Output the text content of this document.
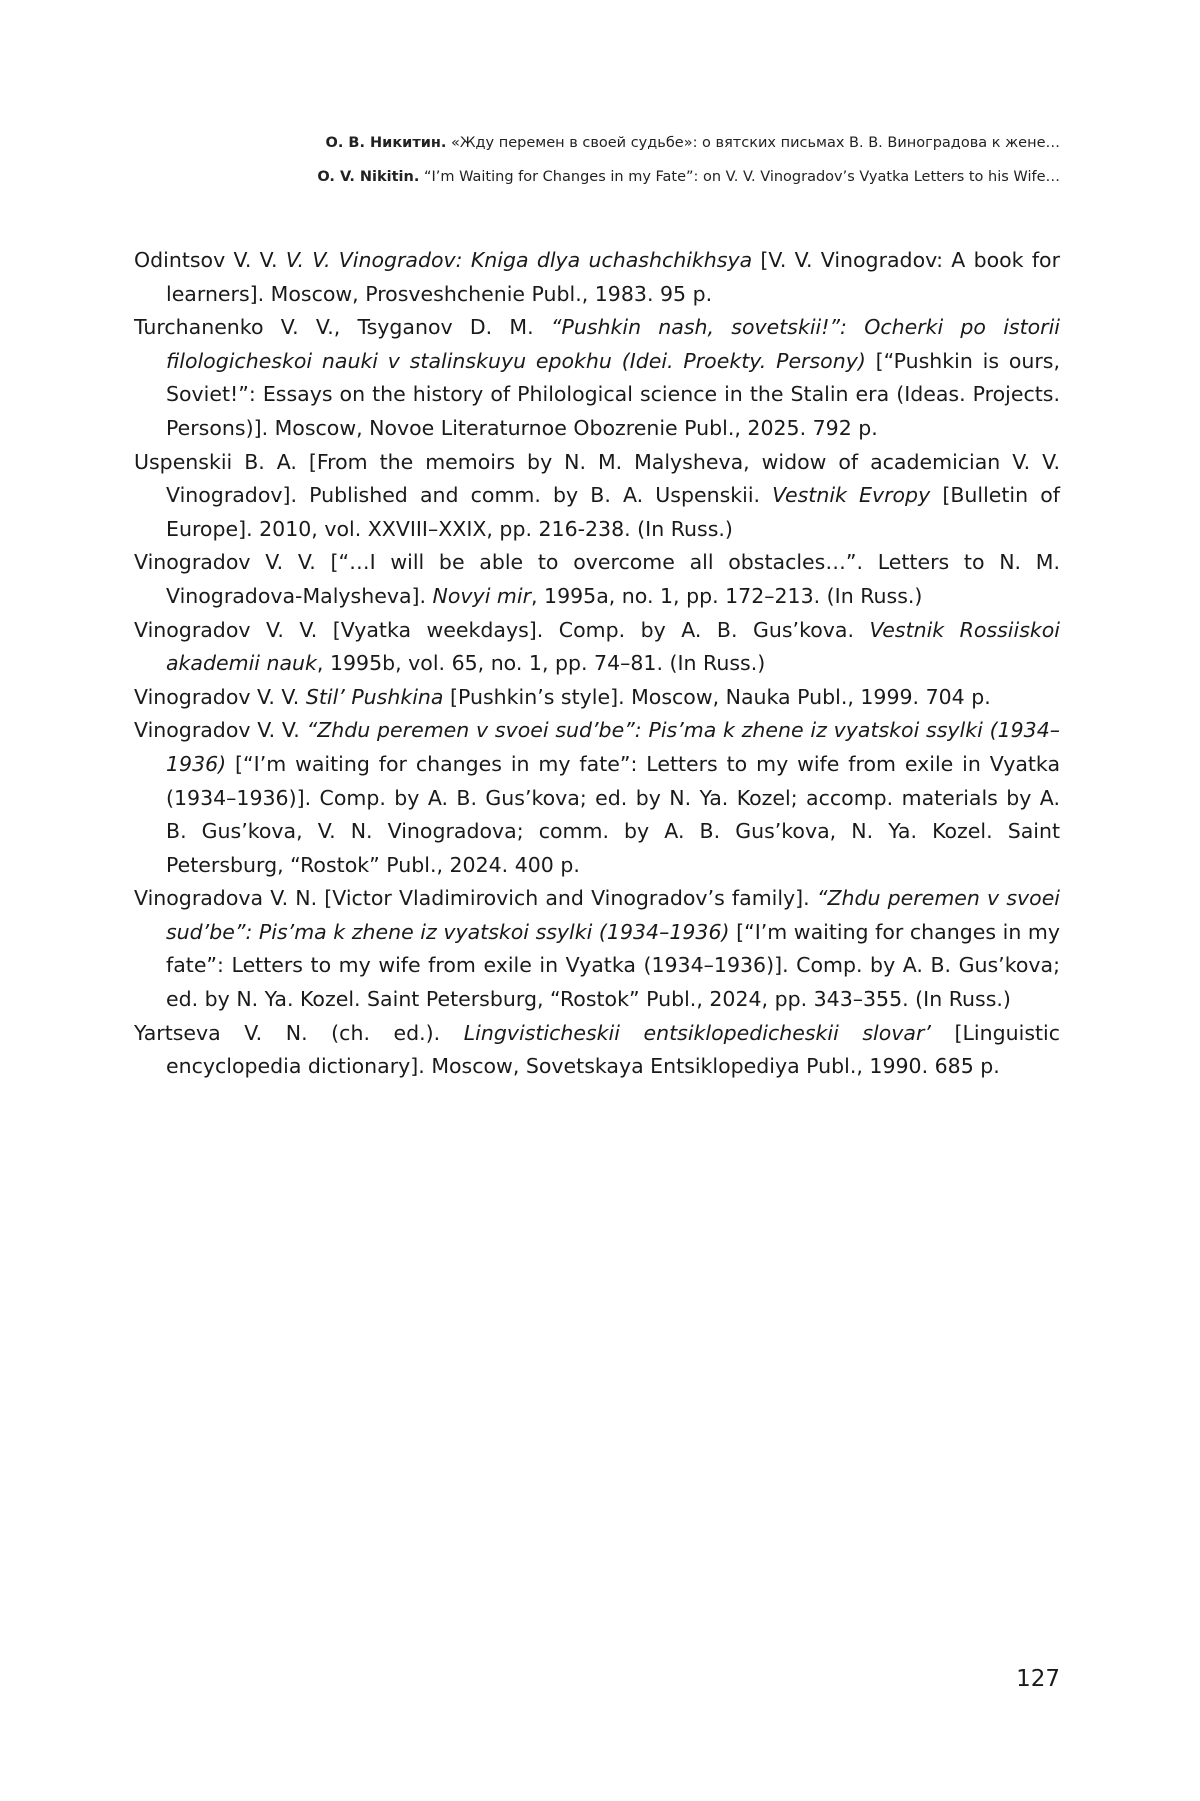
О. В. Никитин. «Жду перемен в своей судьбе»: о вятских письмах В. В. Виноградова к жене…
O. V. Nikitin. “I’m Waiting for Changes in my Fate”: on V. V. Vinogradov’s Vyatka Letters to his Wife…

Odintsov V. V. V. V. Vinogradov: Kniga dlya uchashchikhsya [V. V. Vinogradov: A book for learners]. Moscow, Prosveshchenie Publ., 1983. 95 p.

Turchanenko V. V., Tsyganov D. M. “Pushkin nash, sovetskii!”: Ocherki po istorii filologicheskoi nauki v stalinskuyu epokhu (Idei. Proekty. Persony) [“Pushkin is ours, Soviet!”: Essays on the history of Philological science in the Stalin era (Ideas. Projects. Persons)]. Moscow, Novoe Literaturnoe Obozrenie Publ., 2025. 792 p.

Uspenskii B. A. [From the memoirs by N. M. Malysheva, widow of academician V. V. Vinogradov]. Published and comm. by B. A. Uspenskii. Vestnik Evropy [Bulletin of Europe]. 2010, vol. XXVIII–XXIX, pp. 216-238. (In Russ.)

Vinogradov V. V. [“…I will be able to overcome all obstacles…”. Letters to N. M. Vinogradova-Malysheva]. Novyi mir, 1995a, no. 1, pp. 172–213. (In Russ.)

Vinogradov V. V. [Vyatka weekdays]. Comp. by A. B. Gus’kova. Vestnik Rossiiskoi akademii nauk, 1995b, vol. 65, no. 1, pp. 74–81. (In Russ.)

Vinogradov V. V. Stil’ Pushkina [Pushkin’s style]. Moscow, Nauka Publ., 1999. 704 p.

Vinogradov V. V. “Zhdu peremen v svoei sud’be”: Pis’ma k zhene iz vyatskoi ssylki (1934–1936) [“I’m waiting for changes in my fate”: Letters to my wife from exile in Vyatka (1934–1936)]. Comp. by A. B. Gus’kova; ed. by N. Ya. Kozel; accomp. materials by A. B. Gus’kova, V. N. Vinogradova; comm. by A. B. Gus’kova, N. Ya. Kozel. Saint Petersburg, “Rostok” Publ., 2024. 400 p.

Vinogradova V. N. [Victor Vladimirovich and Vinogradov’s family]. “Zhdu peremen v svoei sud’be”: Pis’ma k zhene iz vyatskoi ssylki (1934–1936) [“I’m waiting for changes in my fate”: Letters to my wife from exile in Vyatka (1934–1936)]. Comp. by A. B. Gus’kova; ed. by N. Ya. Kozel. Saint Petersburg, “Rostok” Publ., 2024, pp. 343–355. (In Russ.)

Yartseva V. N. (ch. ed.). Lingvisticheskii entsiklopedicheskii slovar’ [Linguistic encyclopedia dictionary]. Moscow, Sovetskaya Entsiklopediya Publ., 1990. 685 p.

127
